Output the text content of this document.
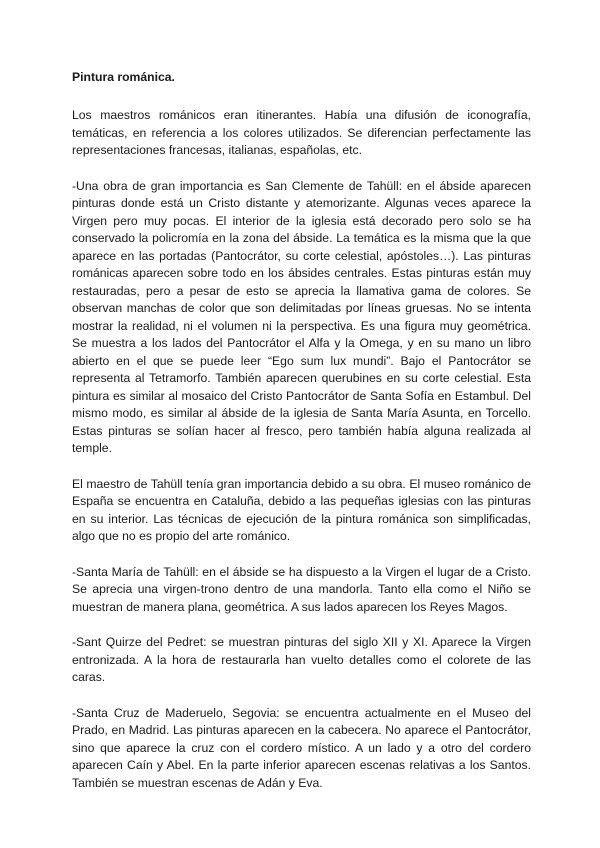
Pintura románica.

Los maestros románicos eran itinerantes. Había una difusión de iconografía, temáticas, en referencia a los colores utilizados. Se diferencian perfectamente las representaciones francesas, italianas, españolas, etc.

-Una obra de gran importancia es San Clemente de Tahüll: en el ábside aparecen pinturas donde está un Cristo distante y atemorizante. Algunas veces aparece la Virgen pero muy pocas. El interior de la iglesia está decorado pero solo se ha conservado la policromía en la zona del ábside. La temática es la misma que la que aparece en las portadas (Pantocrátor, su corte celestial, apóstoles…). Las pinturas románicas aparecen sobre todo en los ábsides centrales. Estas pinturas están muy restauradas, pero a pesar de esto se aprecia la llamativa gama de colores. Se observan manchas de color que son delimitadas por líneas gruesas. No se intenta mostrar la realidad, ni el volumen ni la perspectiva. Es una figura muy geométrica. Se muestra a los lados del Pantocrátor el Alfa y la Omega, y en su mano un libro abierto en el que se puede leer “Ego sum lux mundi”. Bajo el Pantocrátor se representa al Tetramorfo. También aparecen querubines en su corte celestial. Esta pintura es similar al mosaico del Cristo Pantocrátor de Santa Sofía en Estambul. Del mismo modo, es similar al ábside de la iglesia de Santa María Asunta, en Torcello. Estas pinturas se solían hacer al fresco, pero también había alguna realizada al temple.

El maestro de Tahüll tenía gran importancia debido a su obra. El museo románico de España se encuentra en Cataluña, debido a las pequeñas iglesias con las pinturas en su interior. Las técnicas de ejecución de la pintura románica son simplificadas, algo que no es propio del arte románico.

-Santa María de Tahüll: en el ábside se ha dispuesto a la Virgen el lugar de a Cristo. Se aprecia una virgen-trono dentro de una mandorla. Tanto ella como el Niño se muestran de manera plana, geométrica. A sus lados aparecen los Reyes Magos.

-Sant Quirze del Pedret: se muestran pinturas del siglo XII y XI. Aparece la Virgen entronizada. A la hora de restaurarla han vuelto detalles como el colorete de las caras.

-Santa Cruz de Maderuelo, Segovia: se encuentra actualmente en el Museo del Prado, en Madrid. Las pinturas aparecen en la cabecera. No aparece el Pantocrátor, sino que aparece la cruz con el cordero místico. A un lado y a otro del cordero aparecen Caín y Abel. En la parte inferior aparecen escenas relativas a los Santos. También se muestran escenas de Adán y Eva.
